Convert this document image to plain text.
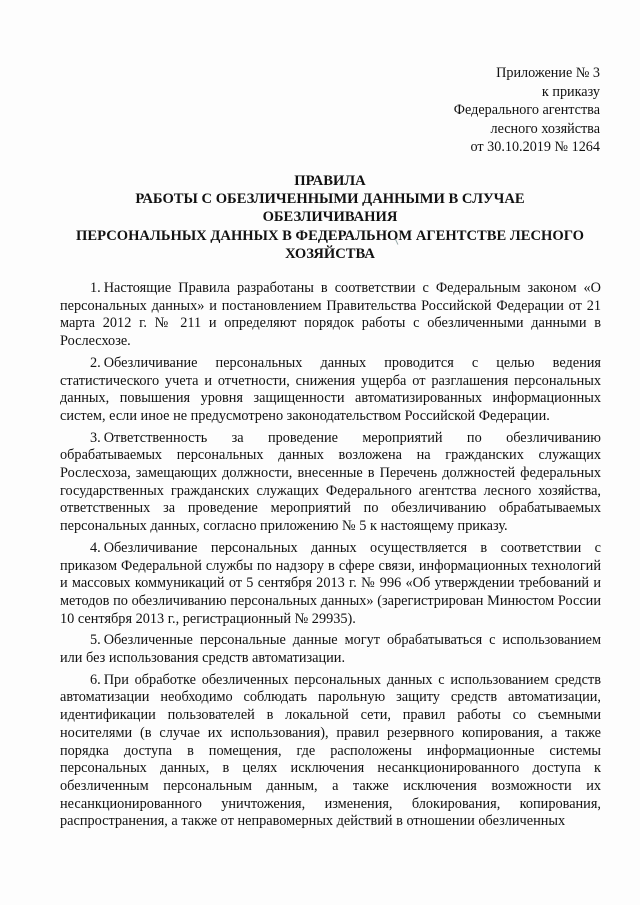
Приложение № 3
к приказу
Федерального агентства
лесного хозяйства
от 30.10.2019 № 1264
ПРАВИЛА
РАБОТЫ С ОБЕЗЛИЧЕННЫМИ ДАННЫМИ В СЛУЧАЕ
ОБЕЗЛИЧИВАНИЯ
ПЕРСОНАЛЬНЫХ ДАННЫХ В ФЕДЕРАЛЬНОМ АГЕНТСТВЕ ЛЕСНОГО
ХОЗЯЙСТВА

1. Настоящие Правила разработаны в соответствии с Федеральным законом «О персональных данных» и постановлением Правительства Российской Федерации от 21 марта 2012 г. № 211 и определяют порядок работы с обезличенными данными в Рослесхозе.

2. Обезличивание персональных данных проводится с целью ведения статистического учета и отчетности, снижения ущерба от разглашения персональных данных, повышения уровня защищенности автоматизированных информационных систем, если иное не предусмотрено законодательством Российской Федерации.

3. Ответственность за проведение мероприятий по обезличиванию обрабатываемых персональных данных возложена на гражданских служащих Рослесхоза, замещающих должности, внесенные в Перечень должностей федеральных государственных гражданских служащих Федерального агентства лесного хозяйства, ответственных за проведение мероприятий по обезличиванию обрабатываемых персональных данных, согласно приложению № 5 к настоящему приказу.

4. Обезличивание персональных данных осуществляется в соответствии с приказом Федеральной службы по надзору в сфере связи, информационных технологий и массовых коммуникаций от 5 сентября 2013 г. № 996 «Об утверждении требований и методов по обезличиванию персональных данных» (зарегистрирован Минюстом России 10 сентября 2013 г., регистрационный № 29935).

5. Обезличенные персональные данные могут обрабатываться с использованием или без использования средств автоматизации.

6. При обработке обезличенных персональных данных с использованием средств автоматизации необходимо соблюдать парольную защиту средств автоматизации, идентификации пользователей в локальной сети, правил работы со съемными носителями (в случае их использования), правил резервного копирования, а также порядка доступа в помещения, где расположены информационные системы персональных данных, в целях исключения несанкционированного доступа к обезличенным персональным данным, а также исключения возможности их несанкционированного уничтожения, изменения, блокирования, копирования, распространения, а также от неправомерных действий в отношении обезличенных
